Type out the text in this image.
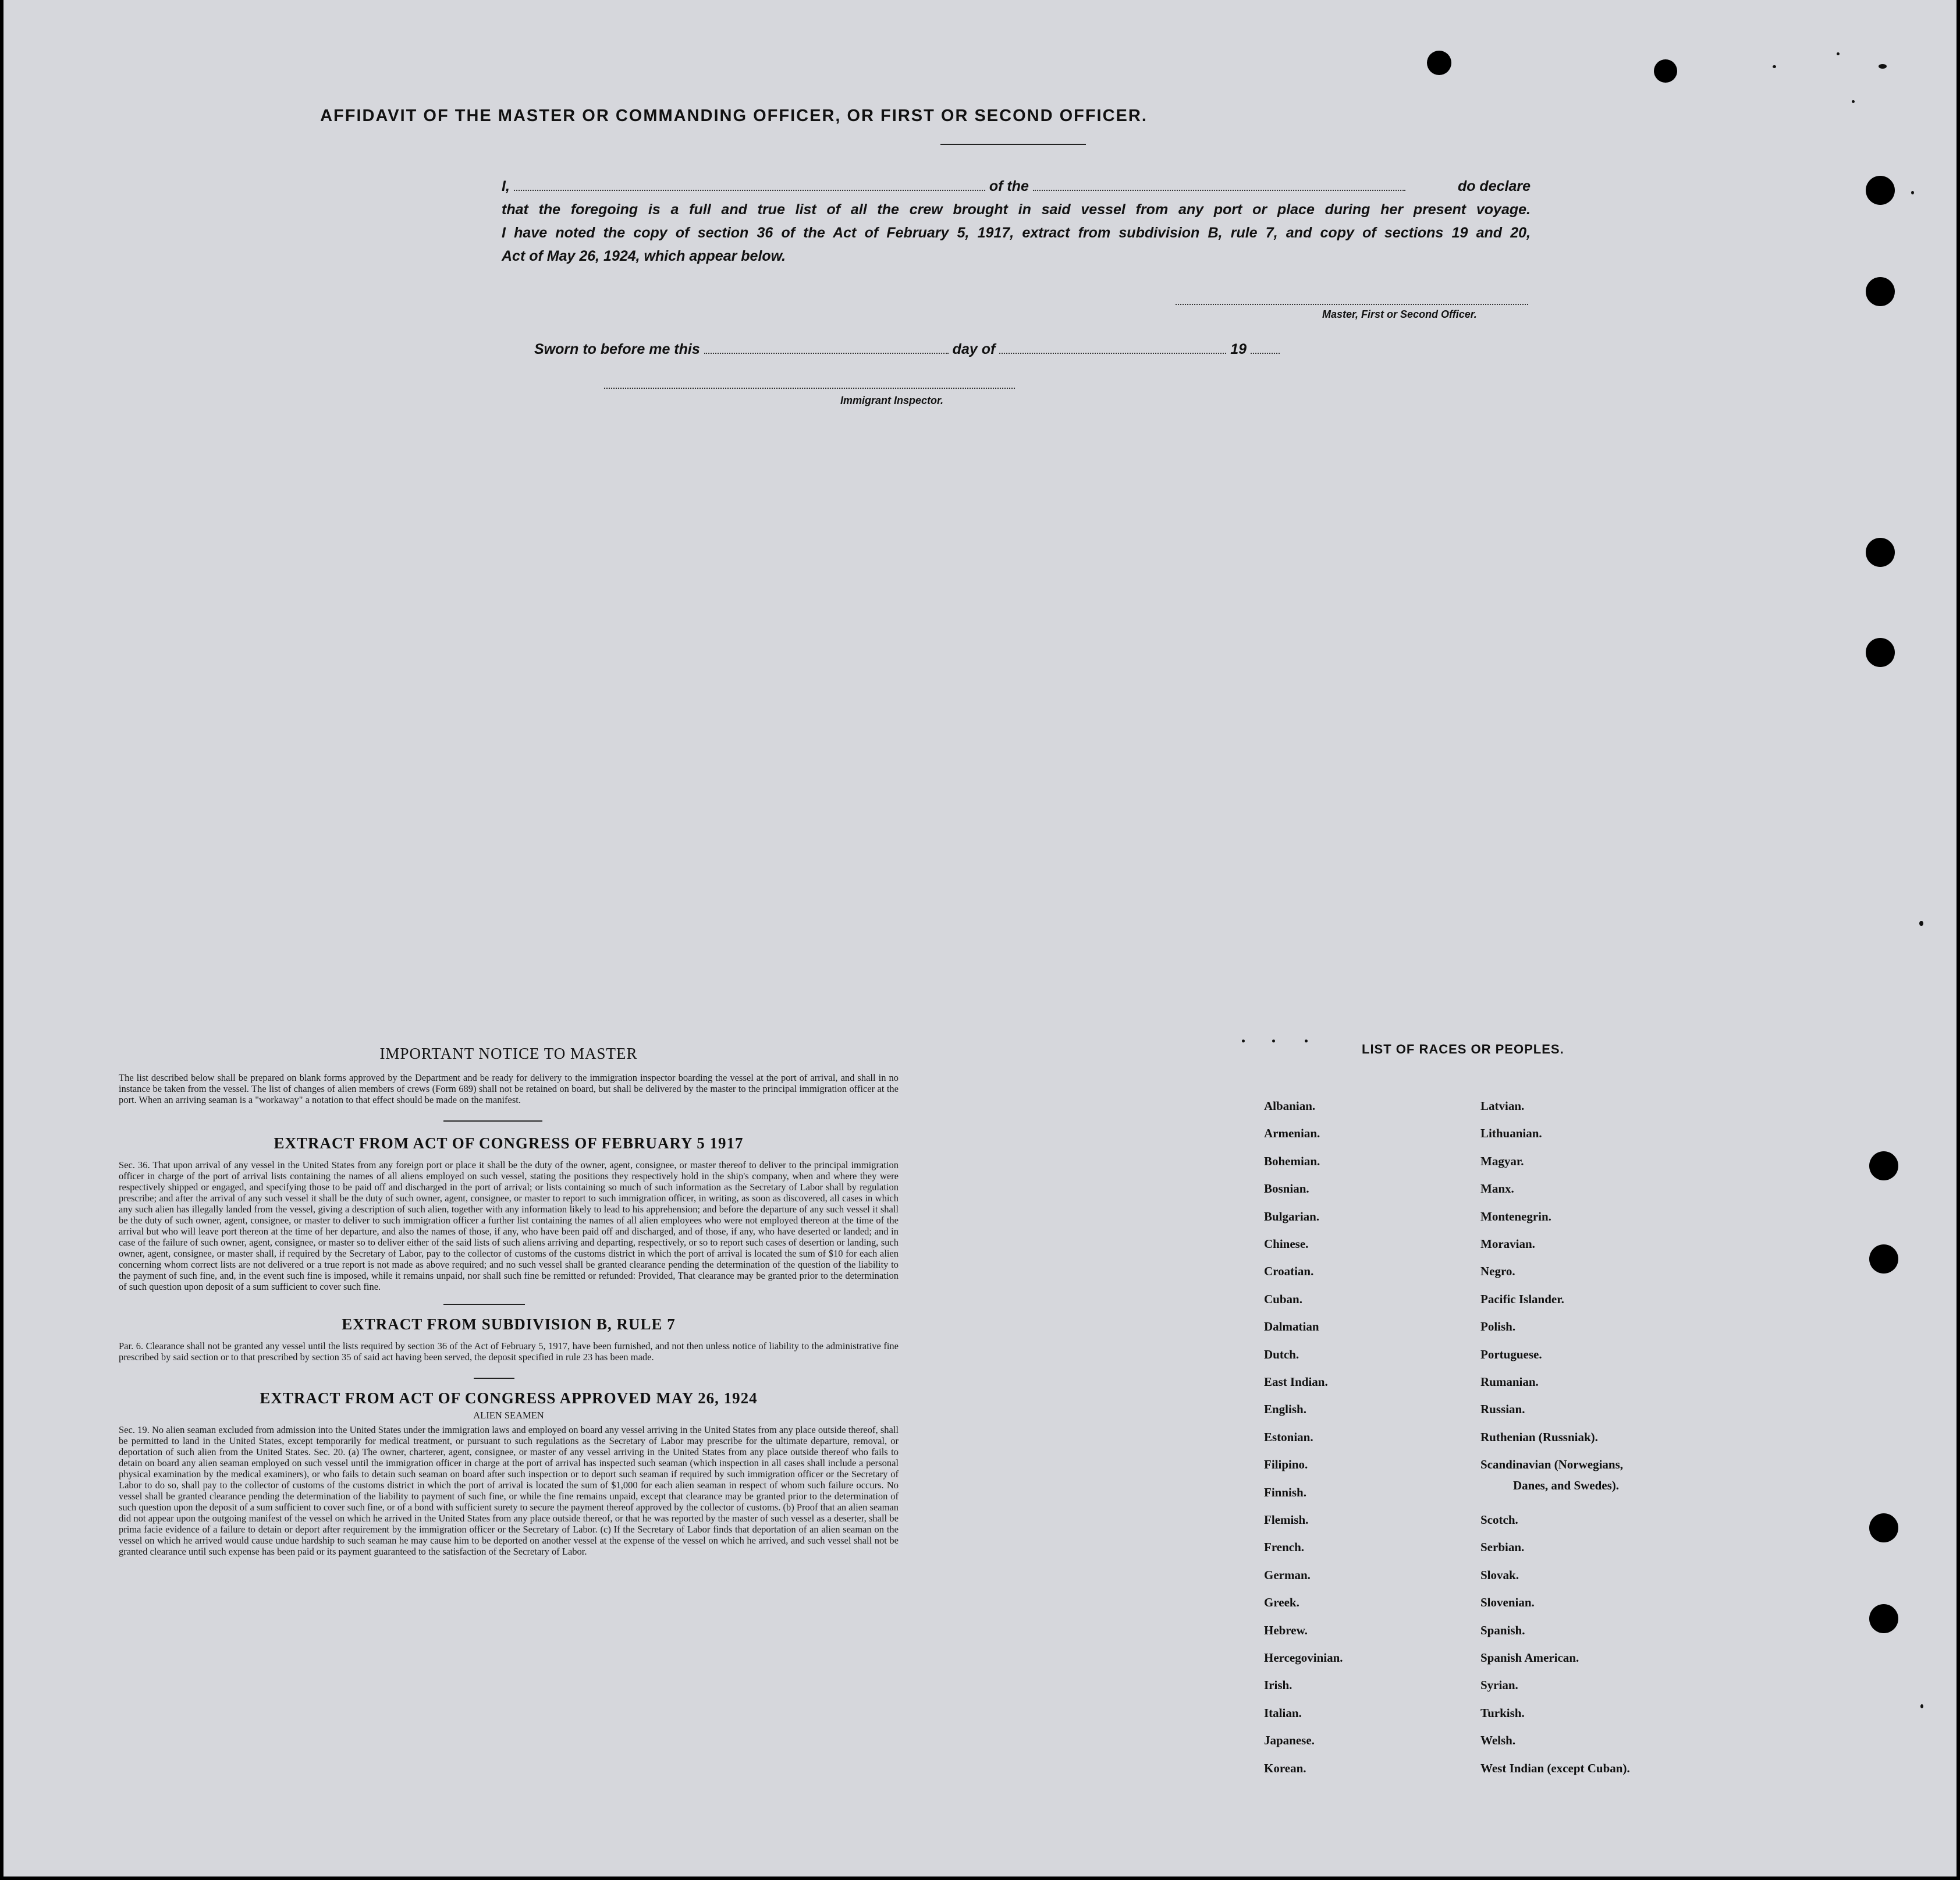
AFFIDAVIT OF THE MASTER OR COMMANDING OFFICER, OR FIRST OR SECOND OFFICER.
I,	of the	do declare
that the foregoing is a full and true list of all the crew brought in said vessel from any port or place during her present voyage.
I have noted the copy of section 36 of the Act of February 5, 1917, extract from subdivision B, rule 7, and copy of sections 19 and 20,
Act of May 26, 1924, which appear below.
Master, First or Second Officer.
Sworn to before me this	day of	19
Immigrant Inspector.
IMPORTANT NOTICE TO MASTER
The list described below shall be prepared on blank forms approved by the Department and be ready for delivery to the immigration inspector boarding the vessel at the port of arrival, and shall in no instance be taken from the vessel. The list of changes of alien members of crews (Form 689) shall not be retained on board, but shall be delivered by the master to the principal immigration officer at the port. When an arriving seaman is a "workaway" a notation to that effect should be made on the manifest.
EXTRACT FROM ACT OF CONGRESS OF FEBRUARY 5 1917
Sec. 36. That upon arrival of any vessel in the United States from any foreign port or place it shall be the duty of the owner, agent, consignee, or master thereof to deliver to the principal immigration officer in charge of the port of arrival lists containing the names of all aliens employed on such vessel, stating the positions they respectively hold in the ship's company, when and where they were respectively shipped or engaged, and specifying those to be paid off and discharged in the port of arrival; or lists containing so much of such information as the Secretary of Labor shall by regulation prescribe; and after the arrival of any such vessel it shall be the duty of such owner, agent, consignee, or master to report to such immigration officer, in writing, as soon as discovered, all cases in which any such alien has illegally landed from the vessel, giving a description of such alien, together with any information likely to lead to his apprehension; and before the departure of any such vessel it shall be the duty of such owner, agent, consignee, or master to deliver to such immigration officer a further list containing the names of all alien employees who were not employed thereon at the time of the arrival but who will leave port thereon at the time of her departure, and also the names of those, if any, who have been paid off and discharged, and of those, if any, who have deserted or landed; and in case of the failure of such owner, agent, consignee, or master so to deliver either of the said lists of such aliens arriving and departing, respectively, or so to report such cases of desertion or landing, such owner, agent, consignee, or master shall, if required by the Secretary of Labor, pay to the collector of customs of the customs district in which the port of arrival is located the sum of $10 for each alien concerning whom correct lists are not delivered or a true report is not made as above required; and no such vessel shall be granted clearance pending the determination of the question of the liability to the payment of such fine, and, in the event such fine is imposed, while it remains unpaid, nor shall such fine be remitted or refunded: Provided, That clearance may be granted prior to the determination of such question upon deposit of a sum sufficient to cover such fine.
EXTRACT FROM SUBDIVISION B, RULE 7
Par. 6. Clearance shall not be granted any vessel until the lists required by section 36 of the Act of February 5, 1917, have been furnished, and not then unless notice of liability to the administrative fine prescribed by said section or to that prescribed by section 35 of said act having been served, the deposit specified in rule 23 has been made.
EXTRACT FROM ACT OF CONGRESS APPROVED MAY 26, 1924
ALIEN SEAMEN
Sec. 19. No alien seaman excluded from admission into the United States under the immigration laws and employed on board any vessel arriving in the United States from any place outside thereof, shall be permitted to land in the United States, except temporarily for medical treatment, or pursuant to such regulations as the Secretary of Labor may prescribe for the ultimate departure, removal, or deportation of such alien from the United States. Sec. 20. (a) The owner, charterer, agent, consignee, or master of any vessel arriving in the United States from any place outside thereof who fails to detain on board any alien seaman employed on such vessel until the immigration officer in charge at the port of arrival has inspected such seaman (which inspection in all cases shall include a personal physical examination by the medical examiners), or who fails to detain such seaman on board after such inspection or to deport such seaman if required by such immigration officer or the Secretary of Labor to do so, shall pay to the collector of customs of the customs district in which the port of arrival is located the sum of $1,000 for each alien seaman in respect of whom such failure occurs. No vessel shall be granted clearance pending the determination of the liability to payment of such fine, or while the fine remains unpaid, except that clearance may be granted prior to the determination of such question upon the deposit of a sum sufficient to cover such fine, or of a bond with sufficient surety to secure the payment thereof approved by the collector of customs. (b) Proof that an alien seaman did not appear upon the outgoing manifest of the vessel on which he arrived in the United States from any place outside thereof, or that he was reported by the master of such vessel as a deserter, shall be prima facie evidence of a failure to detain or deport after requirement by the immigration officer or the Secretary of Labor. (c) If the Secretary of Labor finds that deportation of an alien seaman on the vessel on which he arrived would cause undue hardship to such seaman he may cause him to be deported on another vessel at the expense of the vessel on which he arrived, and such vessel shall not be granted clearance until such expense has been paid or its payment guaranteed to the satisfaction of the Secretary of Labor.
LIST OF RACES OR PEOPLES.
Danes, and Swedes).
Albanian.
Armenian.
Bohemian.
Bosnian.
Bulgarian.
Chinese.
Croatian.
Cuban.
Dalmatian
Dutch.
East Indian.
English.
Estonian.
Filipino.
Finnish.
Flemish.
French.
German.
Greek.
Hebrew.
Hercegovinian.
Irish.
Italian.
Japanese.
Korean.
Latvian.
Lithuanian.
Magyar.
Manx.
Montenegrin.
Moravian.
Negro.
Pacific Islander.
Polish.
Portuguese.
Rumanian.
Russian.
Ruthenian (Russniak).
Scandinavian (Norwegians,
Scotch.
Serbian.
Slovak.
Slovenian.
Spanish.
Spanish American.
Syrian.
Turkish.
Welsh.
West Indian (except Cuban).
